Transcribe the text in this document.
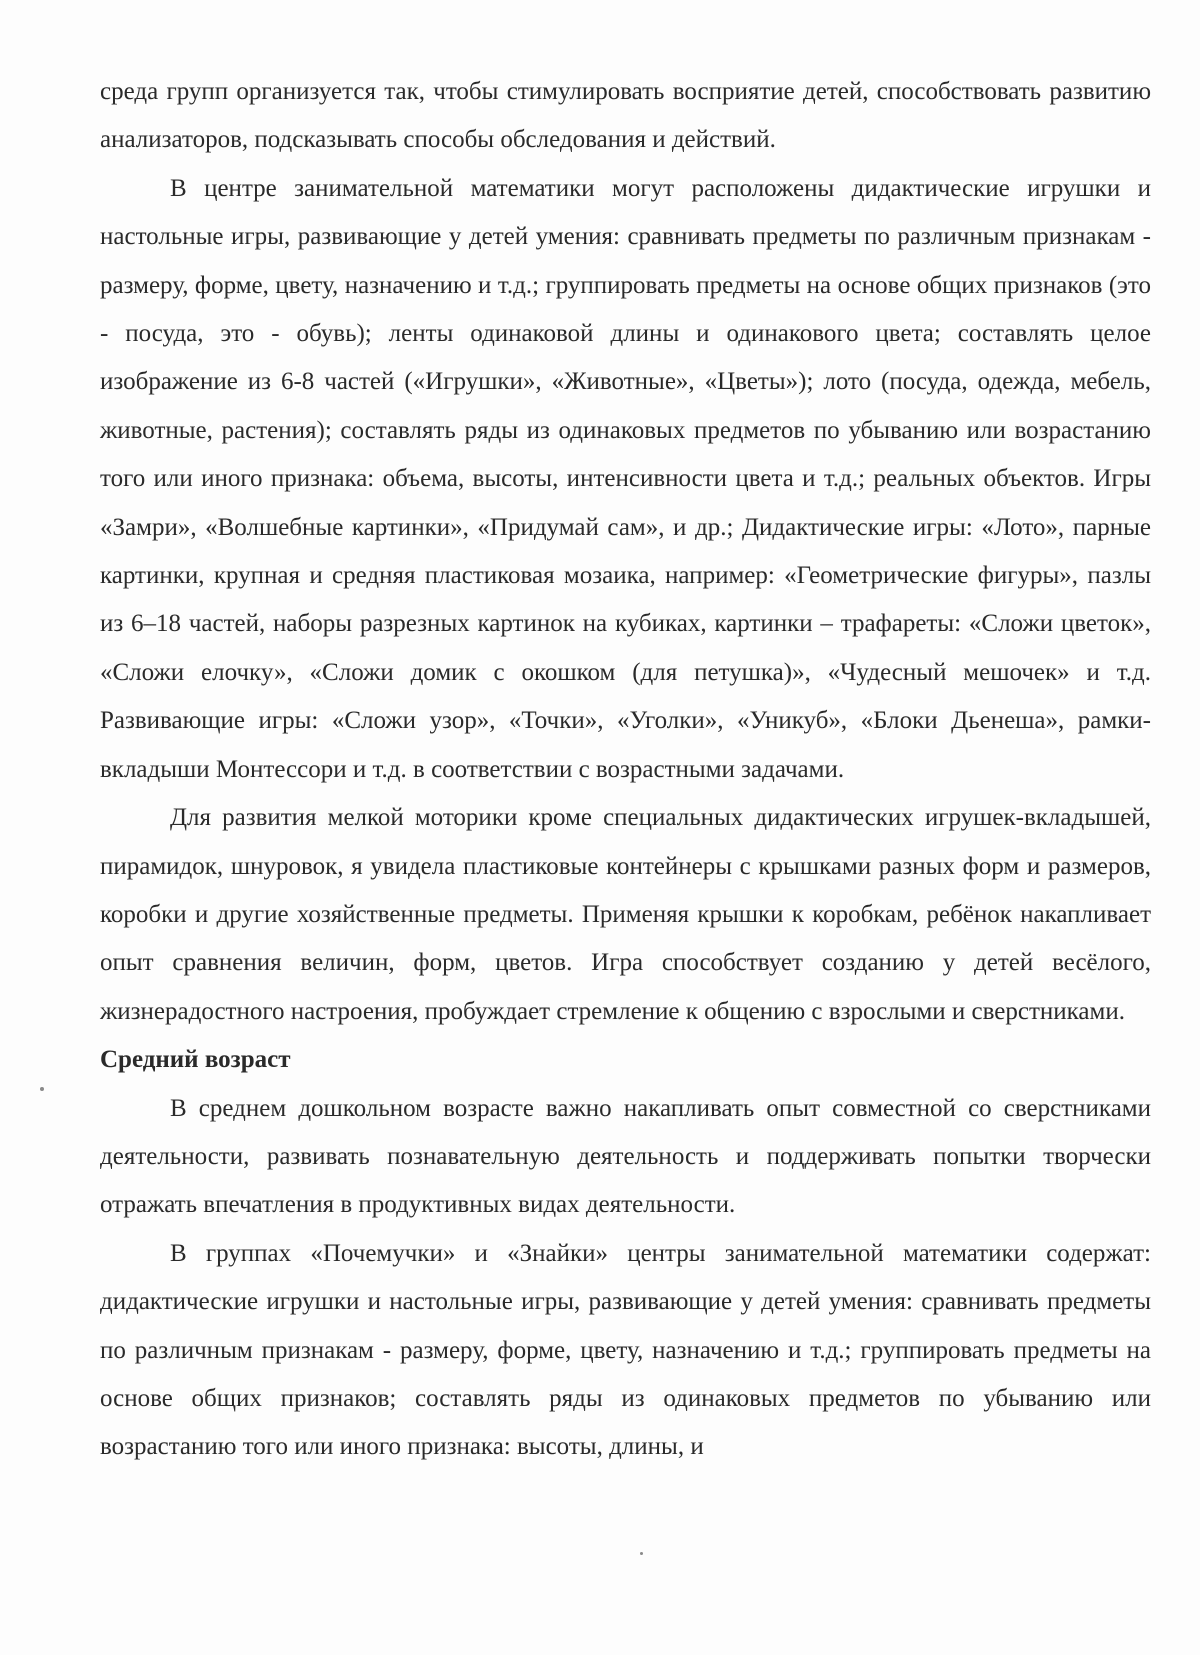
среда групп организуется так, чтобы стимулировать восприятие детей, способствовать развитию анализаторов, подсказывать способы обследования и действий.

В центре занимательной математики могут расположены дидактические игрушки и настольные игры, развивающие у детей умения: сравнивать предметы по различным признакам - размеру, форме, цвету, назначению и т.д.; группировать предметы на основе общих признаков (это - посуда, это - обувь); ленты одинаковой длины и одинакового цвета; составлять целое изображение из 6-8 частей («Игрушки», «Животные», «Цветы»); лото (посуда, одежда, мебель, животные, растения); составлять ряды из одинаковых предметов по убыванию или возрастанию того или иного признака: объема, высоты, интенсивности цвета и т.д.; реальных объектов. Игры «Замри», «Волшебные картинки», «Придумай сам», и др.; Дидактические игры: «Лото», парные картинки, крупная и средняя пластиковая мозаика, например: «Геометрические фигуры», пазлы из 6–18 частей, наборы разрезных картинок на кубиках, картинки – трафареты: «Сложи цветок», «Сложи елочку», «Сложи домик с окошком (для петушка)», «Чудесный мешочек» и т.д. Развивающие игры: «Сложи узор», «Точки», «Уголки», «Уникуб», «Блоки Дьенеша», рамки-вкладыши Монтессори и т.д. в соответствии с возрастными задачами.

Для развития мелкой моторики кроме специальных дидактических игрушек-вкладышей, пирамидок, шнуровок, я увидела пластиковые контейнеры с крышками разных форм и размеров, коробки и другие хозяйственные предметы. Применяя крышки к коробкам, ребёнок накапливает опыт сравнения величин, форм, цветов. Игра способствует созданию у детей весёлого, жизнерадостного настроения, пробуждает стремление к общению с взрослыми и сверстниками.

Средний возраст

В среднем дошкольном возрасте важно накапливать опыт совместной со сверстниками деятельности, развивать познавательную деятельность и поддерживать попытки творчески отражать впечатления в продуктивных видах деятельности.

В группах «Почемучки» и «Знайки» центры занимательной математики содержат: дидактические игрушки и настольные игры, развивающие у детей умения: сравнивать предметы по различным признакам - размеру, форме, цвету, назначению и т.д.; группировать предметы на основе общих признаков; составлять ряды из одинаковых предметов по убыванию или возрастанию того или иного признака: высоты, длины, и
